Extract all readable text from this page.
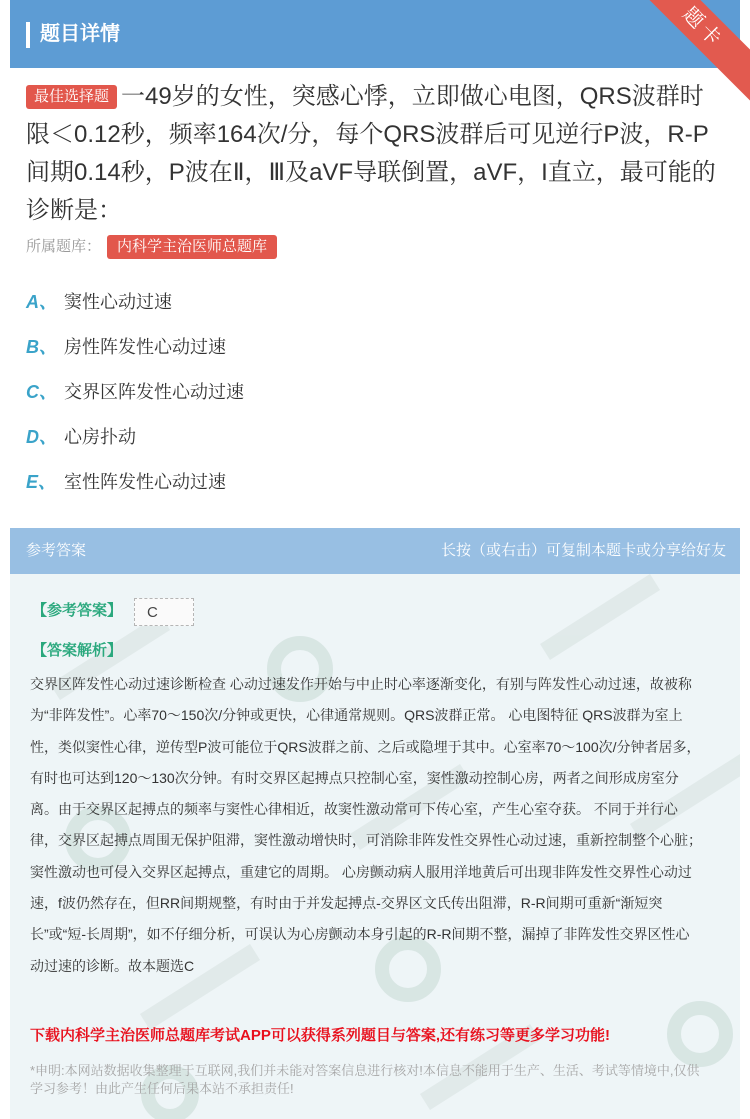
题目详情	题卡
最佳选择题 一49岁的女性，突感心悸，立即做心电图，QRS波群时限＜0.12秒，频率164次/分，每个QRS波群后可见逆行P波，R-P间期0.14秒，P波在Ⅱ，Ⅲ及aVF导联倒置，aVF，I直立，最可能的诊断是：
所属题库： 内科学主治医师总题库
A、 窦性心动过速
B、 房性阵发性心动过速
C、 交界区阵发性心动过速
D、 心房扑动
E、 室性阵发性心动过速
参考答案	长按（或右击）可复制本题卡或分享给好友
【参考答案】	C
【答案解析】
交界区阵发性心动过速诊断检查 心动过速发作开始与中止时心率逐渐变化，有别与阵发性心动过速，故被称为“非阵发性”。心率70～150次/分钟或更快，心律通常规则。QRS波群正常。 心电图特征 QRS波群为室上性，类似窦性心律，逆传型P波可能位于QRS波群之前、之后或隐埋于其中。心室率70～100次/分钟者居多，有时也可达到120～130次分钟。有时交界区起搏点只控制心室，窦性激动控制心房，两者之间形成房室分离。由于交界区起搏点的频率与窦性心律相近，故窦性激动常可下传心室，产生心室夺获。 不同于并行心律，交界区起搏点周围无保护阻滞，窦性激动增快时，可消除非阵发性交界性心动过速，重新控制整个心脏；窦性激动也可侵入交界区起搏点，重建它的周期。 心房颤动病人服用洋地黄后可出现非阵发性交界性心动过速，f波仍然存在，但RR间期规整，有时由于并发起搏点-交界区文氏传出阻滞，R-R间期可重新“渐短突长”或“短-长周期”，如不仔细分析，可误认为心房颤动本身引起的R-R间期不整，漏掉了非阵发性交界区性心动过速的诊断。故本题选C
下载内科学主治医师总题库考试APP可以获得系列题目与答案,还有练习等更多学习功能!
*申明:本网站数据收集整理于互联网,我们并未能对答案信息进行核对!本信息不能用于生产、生活、考试等情境中,仅供学习参考！由此产生任何后果本站不承担责任!
